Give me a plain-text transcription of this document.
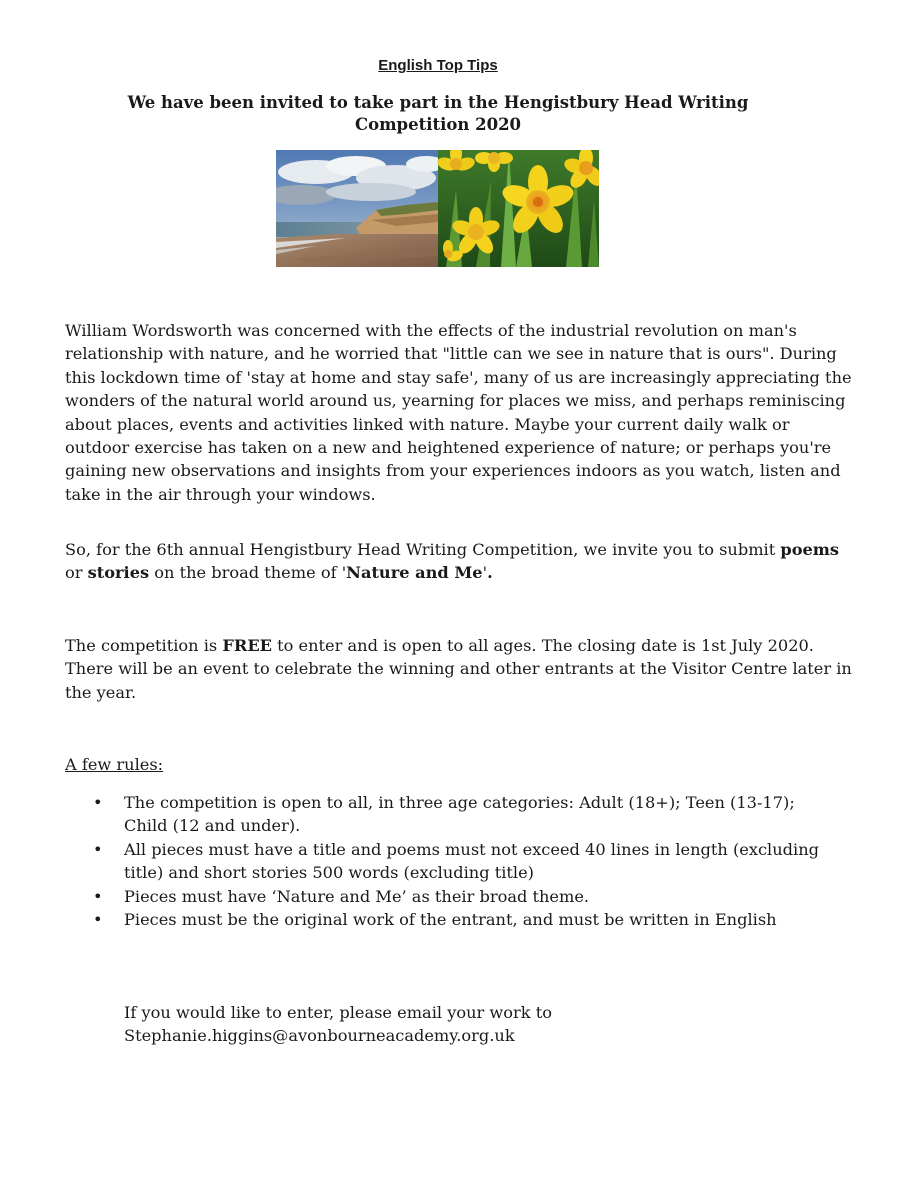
English Top Tips
We have been invited to take part in the Hengistbury Head Writing Competition 2020

William Wordsworth was concerned with the effects of the industrial revolution on man's relationship with nature, and he worried that "little can we see in nature that is ours". During this lockdown time of 'stay at home and stay safe', many of us are increasingly appreciating the wonders of the natural world around us, yearning for places we miss, and perhaps reminiscing about places, events and activities linked with nature. Maybe your current daily walk or outdoor exercise has taken on a new and heightened experience of nature; or perhaps you're gaining new observations and insights from your experiences indoors as you watch, listen and take in the air through your windows.

So, for the 6th annual Hengistbury Head Writing Competition, we invite you to submit poems or stories on the broad theme of 'Nature and Me'.

The competition is FREE to enter and is open to all ages. The closing date is 1st July 2020. There will be an event to celebrate the winning and other entrants at the Visitor Centre later in the year.

A few rules:
• The competition is open to all, in three age categories: Adult (18+); Teen (13-17); Child (12 and under).
• All pieces must have a title and poems must not exceed 40 lines in length (excluding title) and short stories 500 words (excluding title)
• Pieces must have ‘Nature and Me’ as their broad theme.
• Pieces must be the original work of the entrant, and must be written in English
If you would like to enter, please email your work to
Stephanie.higgins@avonbourneacademy.org.uk
